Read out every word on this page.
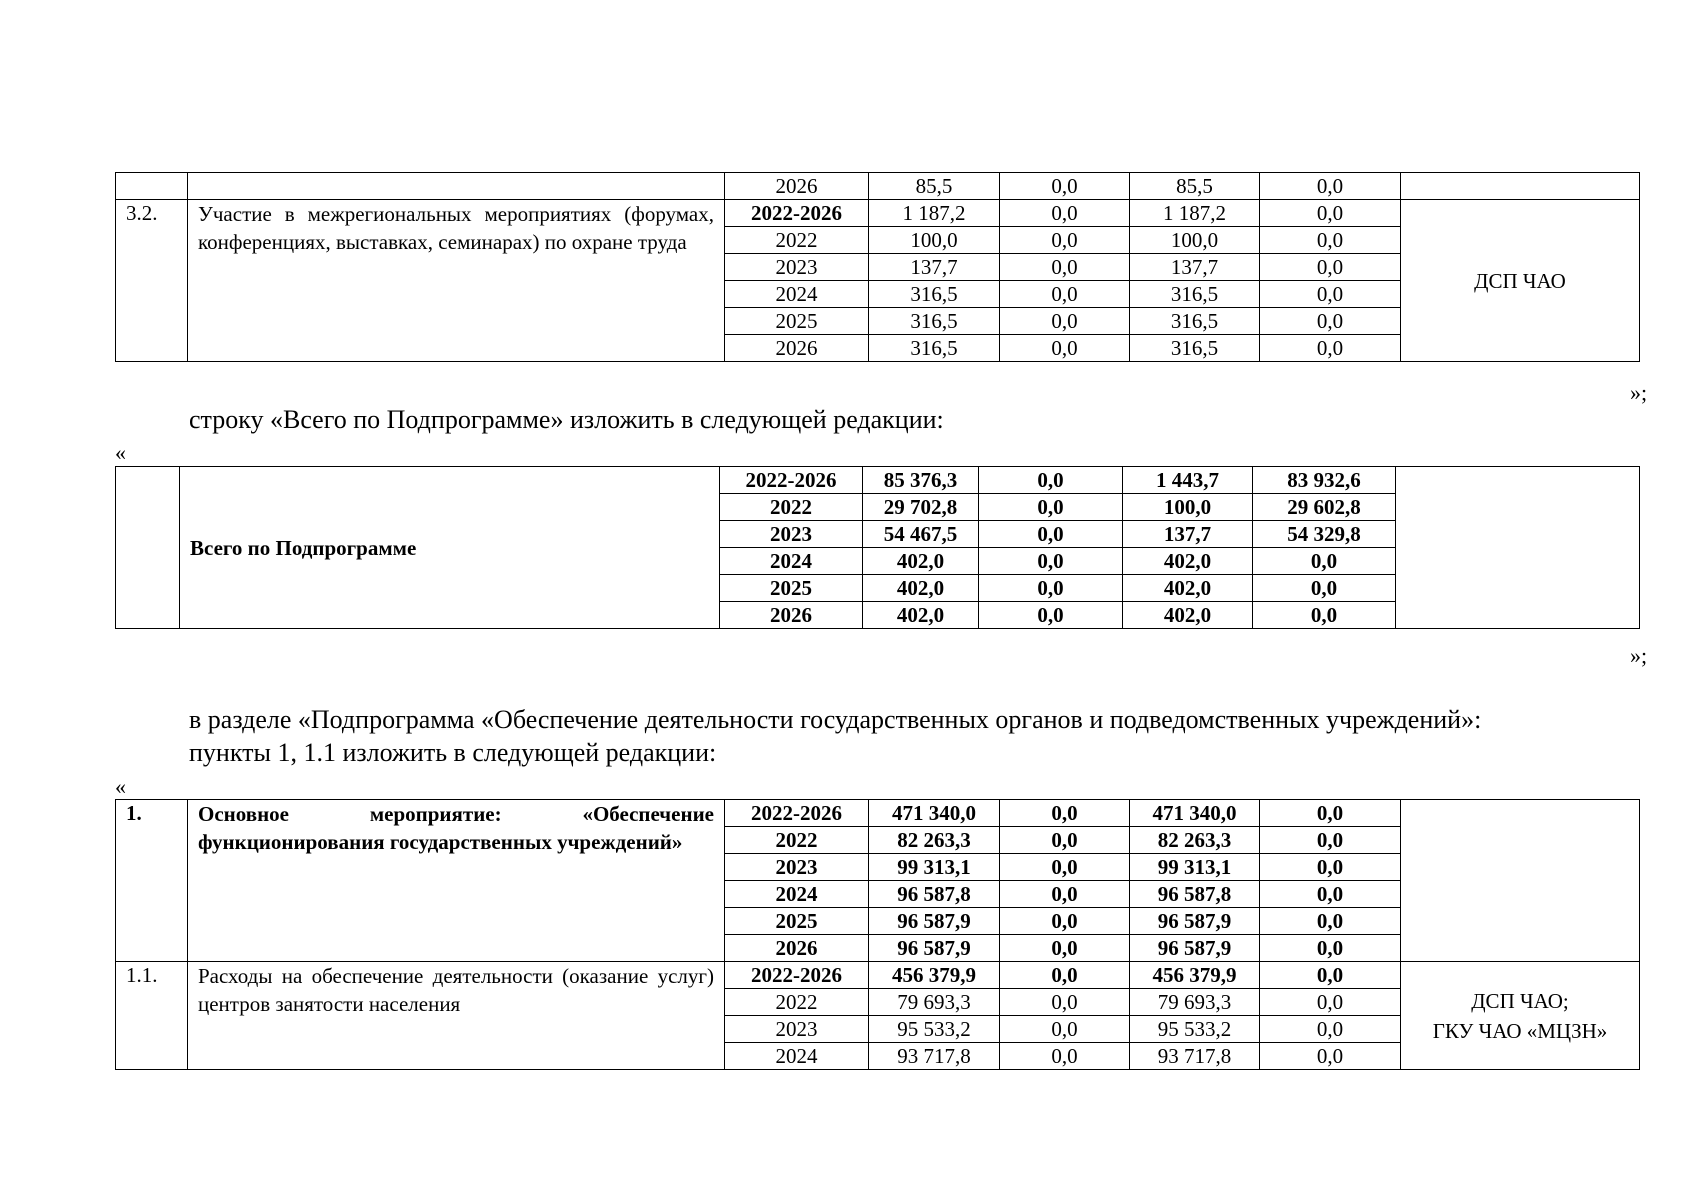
		2026	85,5	0,0	85,5	0,0	
3.2.	Участие в межрегиональных мероприятиях (форумах, конференциях, выставках, семинарах) по охране труда	2022-2026	1 187,2	0,0	1 187,2	0,0	ДСП ЧАО
		2022	100,0	0,0	100,0	0,0	
		2023	137,7	0,0	137,7	0,0	
		2024	316,5	0,0	316,5	0,0	
		2025	316,5	0,0	316,5	0,0	
		2026	316,5	0,0	316,5	0,0	
»;
строку «Всего по Подпрограмме» изложить в следующей редакции:
«
	Всего по Подпрограмме	2022-2026	85 376,3	0,0	1 443,7	83 932,6	
		2022	29 702,8	0,0	100,0	29 602,8	
		2023	54 467,5	0,0	137,7	54 329,8	
		2024	402,0	0,0	402,0	0,0	
		2025	402,0	0,0	402,0	0,0	
		2026	402,0	0,0	402,0	0,0	
»;
в разделе «Подпрограмма «Обеспечение деятельности государственных органов и подведомственных учреждений»:
пункты 1, 1.1 изложить в следующей редакции:
«
1.	Основное мероприятие: «Обеспечение функционирования государственных учреждений»	2022-2026	471 340,0	0,0	471 340,0	0,0	
		2022	82 263,3	0,0	82 263,3	0,0	
		2023	99 313,1	0,0	99 313,1	0,0	
		2024	96 587,8	0,0	96 587,8	0,0	
		2025	96 587,9	0,0	96 587,9	0,0	
		2026	96 587,9	0,0	96 587,9	0,0	
1.1.	Расходы на обеспечение деятельности (оказание услуг) центров занятости населения	2022-2026	456 379,9	0,0	456 379,9	0,0	ДСП ЧАО;
ГКУ ЧАО «МЦЗН»

		2022	79 693,3	0,0	79 693,3	0,0	
		2023	95 533,2	0,0	95 533,2	0,0	
		2024	93 717,8	0,0	93 717,8	0,0	
